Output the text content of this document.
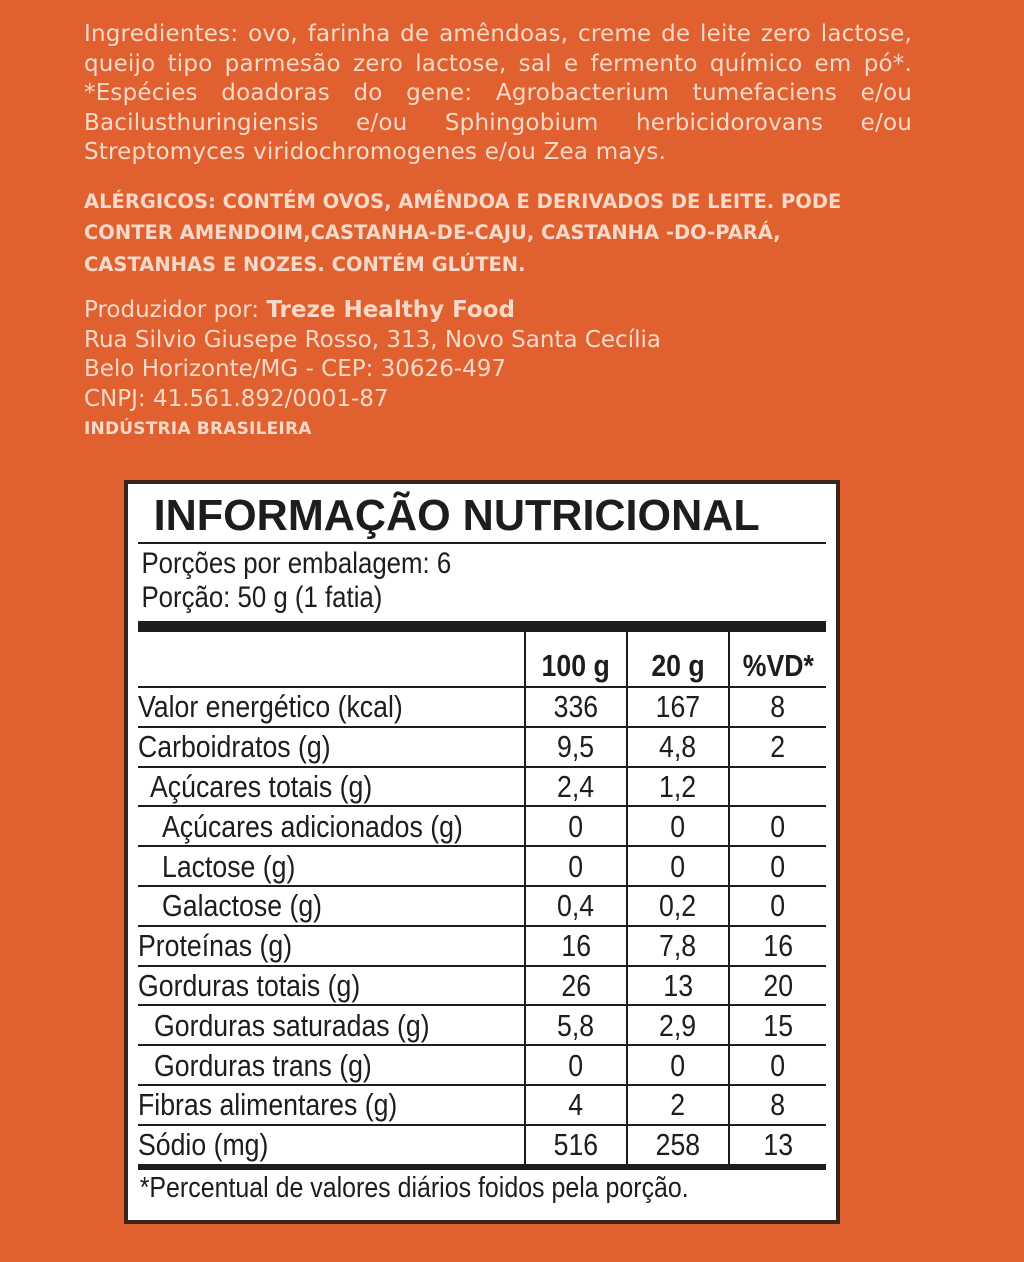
Ingredientes: ovo, farinha de amêndoas, creme de leite zero lactose, queijo tipo parmesão zero lactose, sal e fermento químico em pó*. *Espécies doadoras do gene: Agrobacterium tumefaciens e/ou Bacilusthuringiensis e/ou Sphingobium herbicidorovans e/ou Streptomyces viridochromogenes e/ou Zea mays.

ALÉRGICOS: CONTÉM OVOS, AMÊNDOA E DERIVADOS DE LEITE. PODE CONTER AMENDOIM,CASTANHA-DE-CAJU, CASTANHA -DO-PARÁ, CASTANHAS E NOZES. CONTÉM GLÚTEN.

Produzidor por: Treze Healthy Food
Rua Silvio Giusepe Rosso, 313, Novo Santa Cecília
Belo Horizonte/MG - CEP: 30626-497
CNPJ: 41.561.892/0001-87
INDÚSTRIA BRASILEIRA
INFORMAÇÃO NUTRICIONAL
Porções por embalagem: 6
Porção: 50 g (1 fatia)
	100 g	20 g	%VD*
Valor energético (kcal)	336	167	8
Carboidratos (g)	9,5	4,8	2
Açúcares totais (g)	2,4	1,2	
Açúcares adicionados (g)	0	0	0
Lactose (g)	0	0	0
Galactose (g)	0,4	0,2	0
Proteínas (g)	16	7,8	16
Gorduras totais (g)	26	13	20
Gorduras saturadas (g)	5,8	2,9	15
Gorduras trans (g)	0	0	0
Fibras alimentares (g)	4	2	8
Sódio (mg)	516	258	13
*Percentual de valores diários foidos pela porção.
